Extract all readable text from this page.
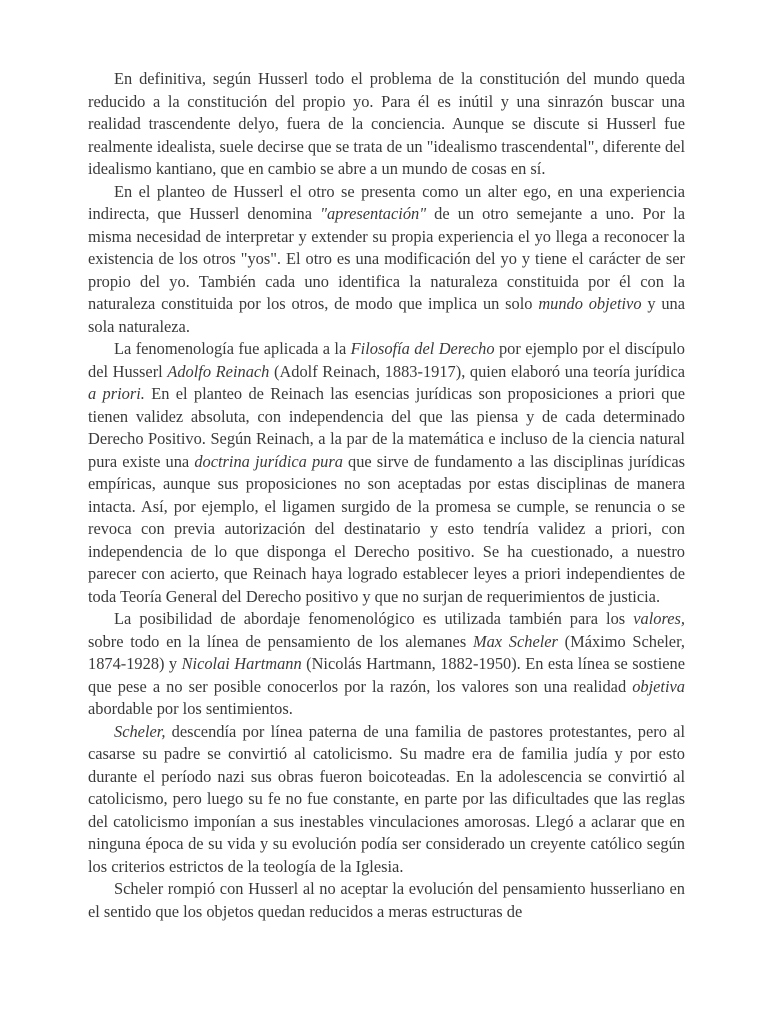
En definitiva, según Husserl todo el problema de la constitución del mundo queda reducido a la constitución del propio yo. Para él es inútil y una sinrazón buscar una realidad trascendente delyo, fuera de la conciencia. Aunque se discute si Husserl fue realmente idealista, suele decirse que se trata de un "idealismo trascendental", diferente del idealismo kantiano, que en cambio se abre a un mundo de cosas en sí.

En el planteo de Husserl el otro se presenta como un alter ego, en una experiencia indirecta, que Husserl denomina "apresentación" de un otro semejante a uno. Por la misma necesidad de interpretar y extender su propia experiencia el yo llega a reconocer la existencia de los otros "yos". El otro es una modificación del yo y tiene el carácter de ser propio del yo. También cada uno identifica la naturaleza constituida por él con la naturaleza constituida por los otros, de modo que implica un solo mundo objetivo y una sola naturaleza.

La fenomenología fue aplicada a la Filosofía del Derecho por ejemplo por el discípulo del Husserl Adolfo Reinach (Adolf Reinach, 1883-1917), quien elaboró una teoría jurídica a priori. En el planteo de Reinach las esencias jurídicas son proposiciones a priori que tienen validez absoluta, con independencia del que las piensa y de cada determinado Derecho Positivo. Según Reinach, a la par de la matemática e incluso de la ciencia natural pura existe una doctrina jurídica pura que sirve de fundamento a las disciplinas jurídicas empíricas, aunque sus proposiciones no son aceptadas por estas disciplinas de manera intacta. Así, por ejemplo, el ligamen surgido de la promesa se cumple, se renuncia o se revoca con previa autorización del destinatario y esto tendría validez a priori, con independencia de lo que disponga el Derecho positivo. Se ha cuestionado, a nuestro parecer con acierto, que Reinach haya logrado establecer leyes a priori independientes de toda Teoría General del Derecho positivo y que no surjan de requerimientos de justicia.

La posibilidad de abordaje fenomenológico es utilizada también para los valores, sobre todo en la línea de pensamiento de los alemanes Max Scheler (Máximo Scheler, 1874-1928) y Nicolai Hartmann (Nicolás Hartmann, 1882-1950). En esta línea se sostiene que pese a no ser posible conocerlos por la razón, los valores son una realidad objetiva abordable por los sentimientos.

Scheler, descendía por línea paterna de una familia de pastores protestantes, pero al casarse su padre se convirtió al catolicismo. Su madre era de familia judía y por esto durante el período nazi sus obras fueron boicoteadas. En la adolescencia se convirtió al catolicismo, pero luego su fe no fue constante, en parte por las dificultades que las reglas del catolicismo imponían a sus inestables vinculaciones amorosas. Llegó a aclarar que en ninguna época de su vida y su evolución podía ser considerado un creyente católico según los criterios estrictos de la teología de la Iglesia.

Scheler rompió con Husserl al no aceptar la evolución del pensamiento husserliano en el sentido que los objetos quedan reducidos a meras estructuras de
